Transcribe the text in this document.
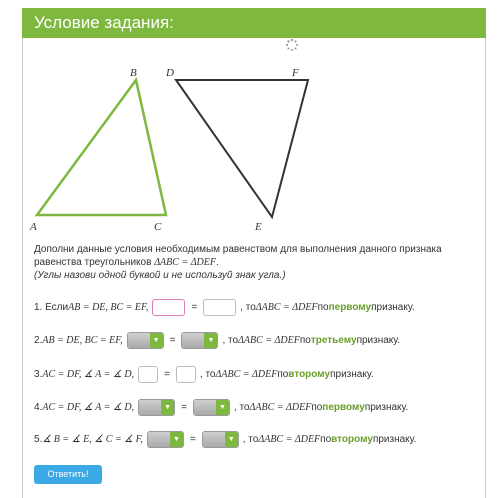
Условие задания:
A
B
C
D	F
E
Дополни данные условия необходимым равенством для выполнения данного признака равенства треугольников ΔABC = ΔDEF.
(Углы назови одной буквой и не используй знак угла.)
1. Если AB = DE, BC = EF,	=	, то ΔABC = ΔDEF по первому признаку.
2. AB = DE, BC = EF,	▼	=	▼ , то ΔABC = ΔDEF по третьему признаку.
3. AC = DF, ∡ A = ∡ D,	=	, то ΔABC = ΔDEF по второму признаку.
4. AC = DF, ∡ A = ∡ D,	▼	=	▼ , то ΔABC = ΔDEF по первому признаку.
5. ∡ B = ∡ E, ∡ C = ∡ F,	▼	=	▼ , то ΔABC = ΔDEF по второму признаку.
Ответить!
